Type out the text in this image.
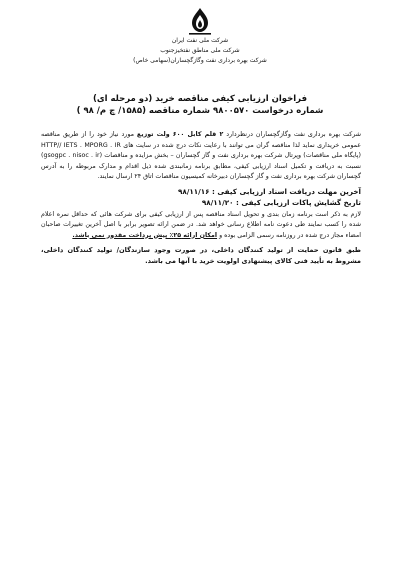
شرکت ملی نفت ایران
شرکت ملی مناطق نفتخیزجنوب
شرکت بهره برداری نفت وگازگچساران(سهامی خاص)
فراخوان ارزیابی کیفی مناقصه خرید (دو مرحله ای)
شماره درخواست ۹۸۰۰۵۷۰ شماره مناقصه (۱۵۸۵/ چ م/ ۹۸ )

شرکت بهره برداری نفت وگازگچساران درنظردارد ۲ قلم کابل ۶۰۰ ولت توزیع مورد نیاز خود را از طریق مناقصه عمومی خریداری نماید لذا مناقصه گران می توانند با رعایت نکات درج شده در سایت های HTTP// IETS . MPORG . IR (پایگاه ملی مناقصات) وپرتال شرکت بهره برداری نفت و گاز گچساران – بخش مزایده و مناقصات (gsogpc . nisoc . ir) نسبت به دریافت و تکمیل اسناد ارزیابی کیفی، مطابق برنامه زمانبندی شده ذیل اقدام و مدارک مربوطه را به آدرس گچساران شرکت بهره برداری نفت و گاز گچساران دبیرخانه کمیسیون مناقصات اتاق ۲۴ ارسال نمایند.

آخرین مهلت دریافت اسناد ارزیابی کیفی : ۹۸/۱۱/۱۶

تاریخ گشایش پاکات ارزیابی کیفی : ۹۸/۱۱/۲۰

لازم به ذکر است برنامه زمان بندی و تحویل اسناد مناقصه پس از ارزیابی کیفی برای شرکت هائی که حداقل نمره اعلام شده را کسب نمایند طی دعوت نامه اطلاع رسانی خواهد شد. در ضمن ارائه تصویر برابر با اصل آخرین تغییرات صاحبان امضاء مجاز درج شده در روزنامه رسمی الزامی بوده و امکان ارائه ۲۵٪ پیش پرداخت مقدور نمی باشد.

طبق قانون حمایت از تولید کنندگان داخلی، در صورت وجود سازندگان/ تولید کنندگان داخلی، مشروط به تأیید فنی کالای پیشنهادی اولویت خرید با آنها می باشد.
